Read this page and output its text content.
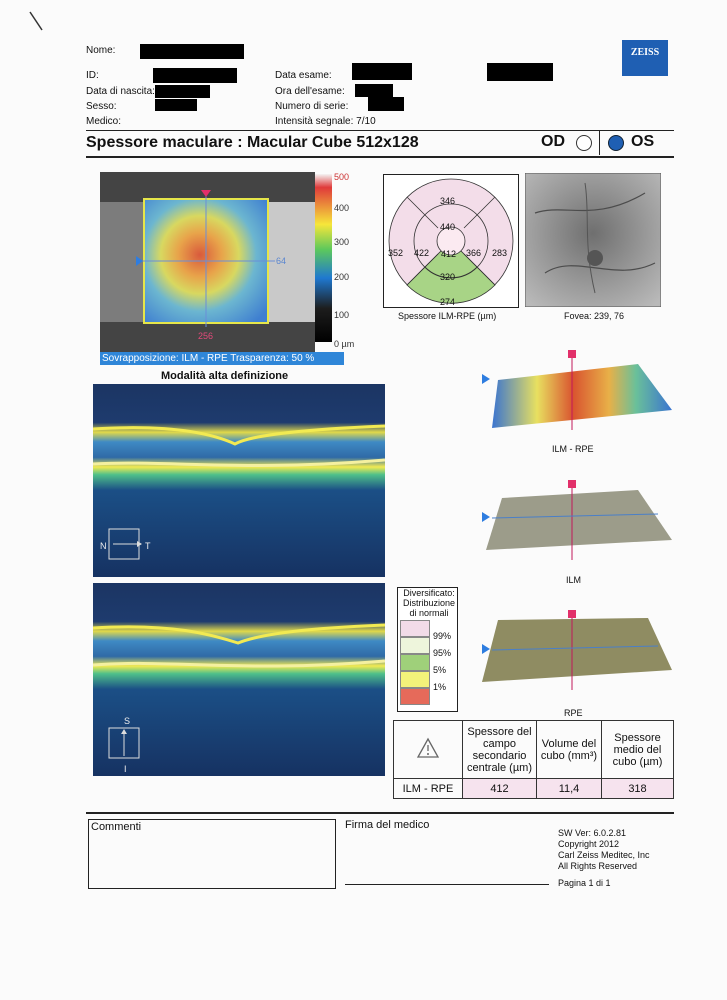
Nome:
ID:
Data di nascita:
Sesso:
Medico:
Data esame:
Ora dell'esame:
Numero di serie:
Intensità segnale: 7/10
ZEISS
Spessore maculare : Macular Cube 512x128	OD	OS
500
400
300
200
100
0 µm
64
256
Sovrapposizione: ILM - RPE Trasparenza: 50 %
346
440
352 422 412 366 283
320
274
Spessore ILM-RPE (µm)	Fovea: 239, 76
Modalità alta definizione
N	T
S
I
ILM - RPE
ILM
RPE
Diversificato:
Distribuzione
di normali
99%
95%
5%
1%
	Spessore del campo secondario centrale (µm)	Volume del cubo (mm³)	Spessore medio del cubo (µm)
ILM - RPE	412	11,4	318
Commenti	Firma del medico
SW Ver: 6.0.2.81
Copyright 2012
Carl Zeiss Meditec, Inc
All Rights Reserved
Pagina 1 di 1
